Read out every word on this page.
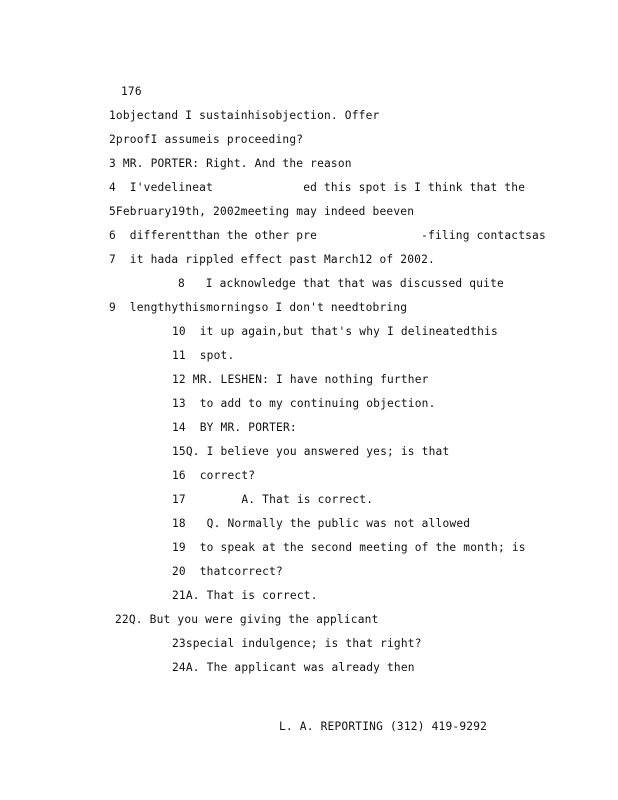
176
1objectand I sustainhisobjection. Offer
2proofI assumeis proceeding?
3 MR. PORTER: Right. And the reason
4  I'vedelineat             ed this spot is I think that the
5February19th, 2002meeting may indeed beeven
6  differentthan the other pre               -filing contactsas
7  it hada rippled effect past March12 of 2002.
8   I acknowledge that that was discussed quite
9  lengthythismorningso I don't needtobring
10  it up again,but that's why I delineatedthis
11  spot.
12 MR. LESHEN: I have nothing further
13  to add to my continuing objection.
14  BY MR. PORTER:
15Q. I believe you answered yes; is that
16  correct?
17        A. That is correct.
18   Q. Normally the public was not allowed
19  to speak at the second meeting of the month; is
20  thatcorrect?
21A. That is correct.
22Q. But you were giving the applicant
23special indulgence; is that right?
24A. The applicant was already then
L. A. REPORTING (312) 419-9292
